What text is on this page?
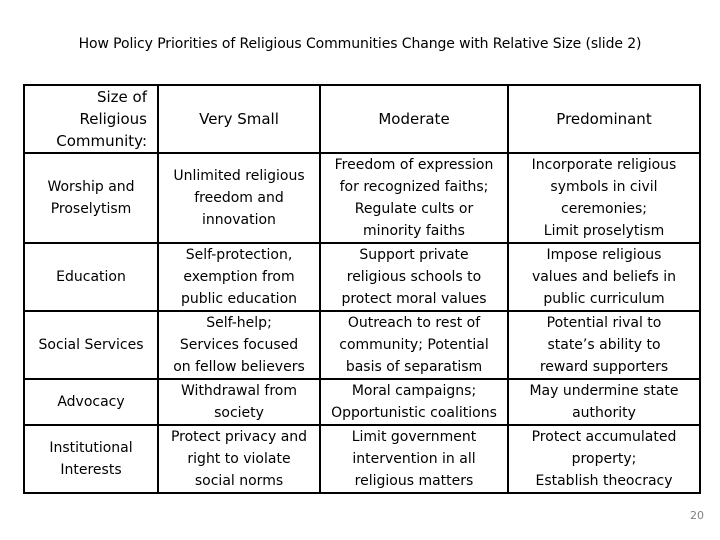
How Policy Priorities of Religious Communities Change with Relative Size (slide 2)
Size of Religious
Community:	Very Small	Moderate	Predominant

Worship and
Proselytism	Unlimited religious
freedom and
innovation	Freedom of expression
for recognized faiths;
Regulate cults or
minority faiths	Incorporate religious
symbols in civil
ceremonies;
Limit proselytism

Education	Self-protection,
exemption from
public education	Support private
religious schools to
protect moral values	Impose religious
values and beliefs in
public curriculum

Social Services	Self-help;
Services focused
on fellow believers	Outreach to rest of
community; Potential
basis of separatism	Potential rival to
state’s ability to
reward supporters

Advocacy	Withdrawal from
society	Moral campaigns;
Opportunistic coalitions	May undermine state
authority

Institutional
Interests	Protect privacy and
right to violate
social norms	Limit government
intervention in all
religious matters	Protect accumulated
property;
Establish theocracy
20
